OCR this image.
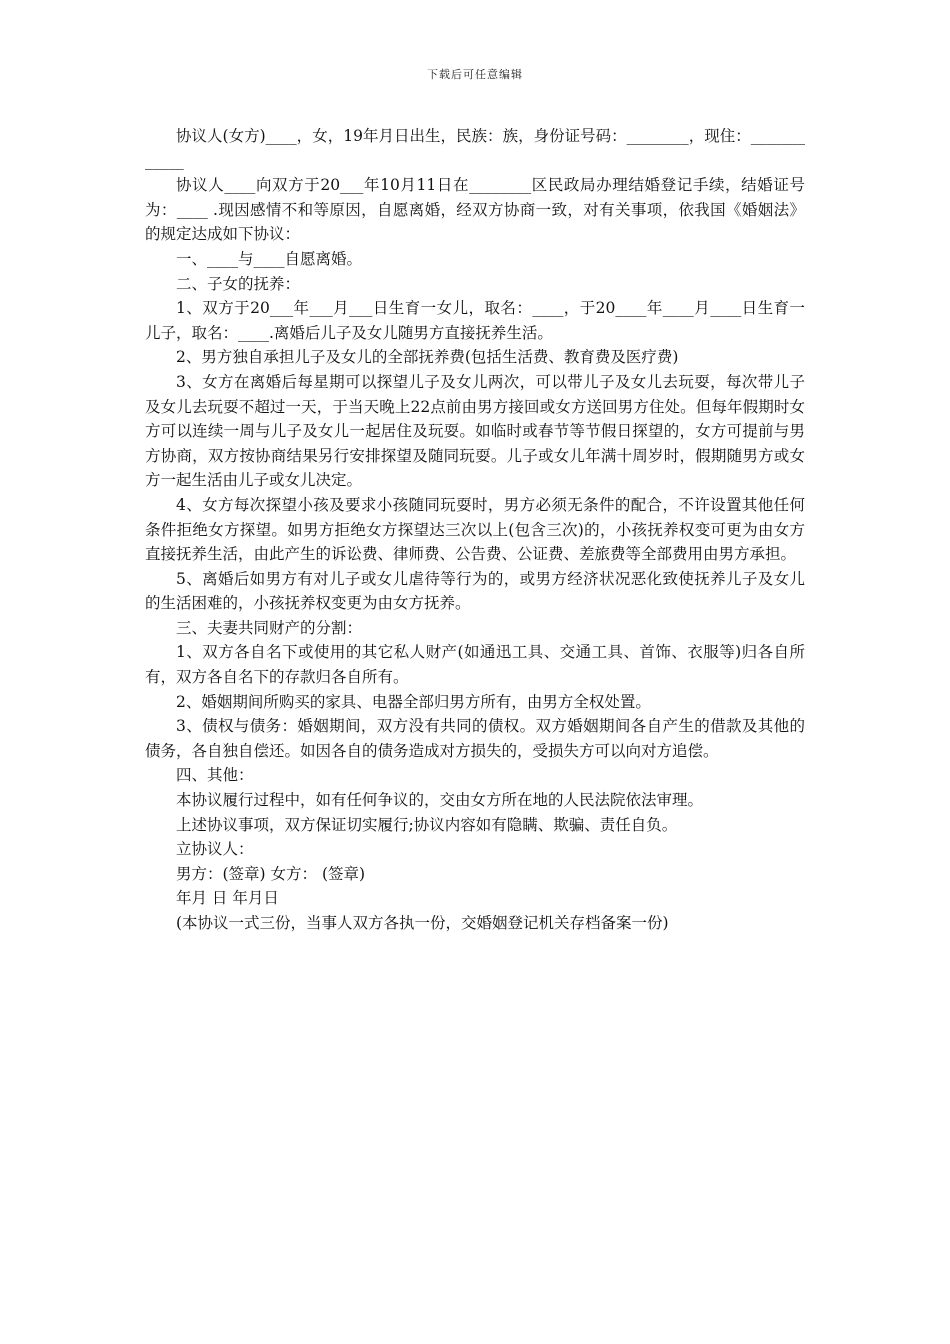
下载后可任意编辑

协议人(女方)____，女，19年月日出生，民族：族，身份证号码：________，现住：____________

协议人____向双方于20___年10月11日在________区民政局办理结婚登记手续，结婚证号为：____ .现因感情不和等原因，自愿离婚，经双方协商一致，对有关事项，依我国《婚姻法》的规定达成如下协议：

一、____与____自愿离婚。

二、子女的抚养：

1、双方于20___年___月___日生育一女儿，取名：____，于20____年____月____日生育一儿子，取名：____.离婚后儿子及女儿随男方直接抚养生活。

2、男方独自承担儿子及女儿的全部抚养费(包括生活费、教育费及医疗费)

3、女方在离婚后每星期可以探望儿子及女儿两次，可以带儿子及女儿去玩耍，每次带儿子及女儿去玩耍不超过一天，于当天晚上22点前由男方接回或女方送回男方住处。但每年假期时女方可以连续一周与儿子及女儿一起居住及玩耍。如临时或春节等节假日探望的，女方可提前与男方协商，双方按协商结果另行安排探望及随同玩耍。儿子或女儿年满十周岁时，假期随男方或女方一起生活由儿子或女儿决定。

4、女方每次探望小孩及要求小孩随同玩耍时，男方必须无条件的配合，不许设置其他任何条件拒绝女方探望。如男方拒绝女方探望达三次以上(包含三次)的，小孩抚养权变可更为由女方直接抚养生活，由此产生的诉讼费、律师费、公告费、公证费、差旅费等全部费用由男方承担。

5、离婚后如男方有对儿子或女儿虐待等行为的，或男方经济状况恶化致使抚养儿子及女儿的生活困难的，小孩抚养权变更为由女方抚养。

三、夫妻共同财产的分割：

1、双方各自名下或使用的其它私人财产(如通迅工具、交通工具、首饰、衣服等)归各自所有，双方各自名下的存款归各自所有。

2、婚姻期间所购买的家具、电器全部归男方所有，由男方全权处置。

3、债权与债务：婚姻期间，双方没有共同的债权。双方婚姻期间各自产生的借款及其他的债务，各自独自偿还。如因各自的债务造成对方损失的，受损失方可以向对方追偿。

四、其他：

本协议履行过程中，如有任何争议的，交由女方所在地的人民法院依法审理。

上述协议事项，双方保证切实履行;协议内容如有隐瞒、欺骗、责任自负。

立协议人：

男方：(签章) 女方： (签章)

年月 日 年月日

(本协议一式三份，当事人双方各执一份，交婚姻登记机关存档备案一份)
